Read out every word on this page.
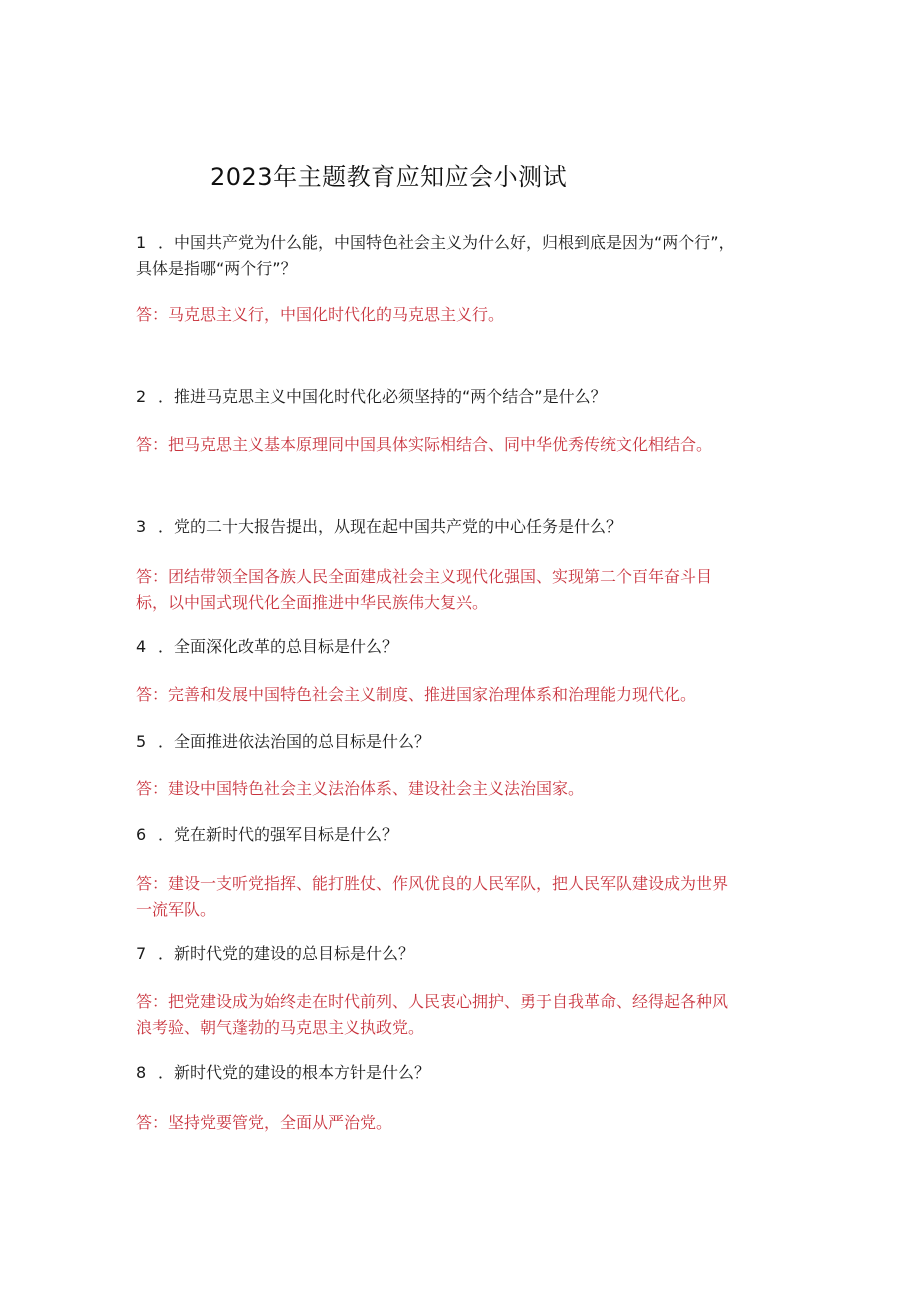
2023年主题教育应知应会小测试
1 ．中国共产党为什么能，中国特色社会主义为什么好，归根到底是因为“两个行”，
具体是指哪“两个行”？
答：马克思主义行，中国化时代化的马克思主义行。
2 ．推进马克思主义中国化时代化必须坚持的“两个结合”是什么？
答：把马克思主义基本原理同中国具体实际相结合、同中华优秀传统文化相结合。
3 ．党的二十大报告提出，从现在起中国共产党的中心任务是什么？
答：团结带领全国各族人民全面建成社会主义现代化强国、实现第二个百年奋斗目
标，以中国式现代化全面推进中华民族伟大复兴。
4 ．全面深化改革的总目标是什么？
答：完善和发展中国特色社会主义制度、推进国家治理体系和治理能力现代化。
5 ．全面推进依法治国的总目标是什么？
答：建设中国特色社会主义法治体系、建设社会主义法治国家。
6 ．党在新时代的强军目标是什么？
答：建设一支听党指挥、能打胜仗、作风优良的人民军队，把人民军队建设成为世界
一流军队。
7 ．新时代党的建设的总目标是什么？
答：把党建设成为始终走在时代前列、人民衷心拥护、勇于自我革命、经得起各种风
浪考验、朝气蓬勃的马克思主义执政党。
8 ．新时代党的建设的根本方针是什么？
答：坚持党要管党，全面从严治党。
